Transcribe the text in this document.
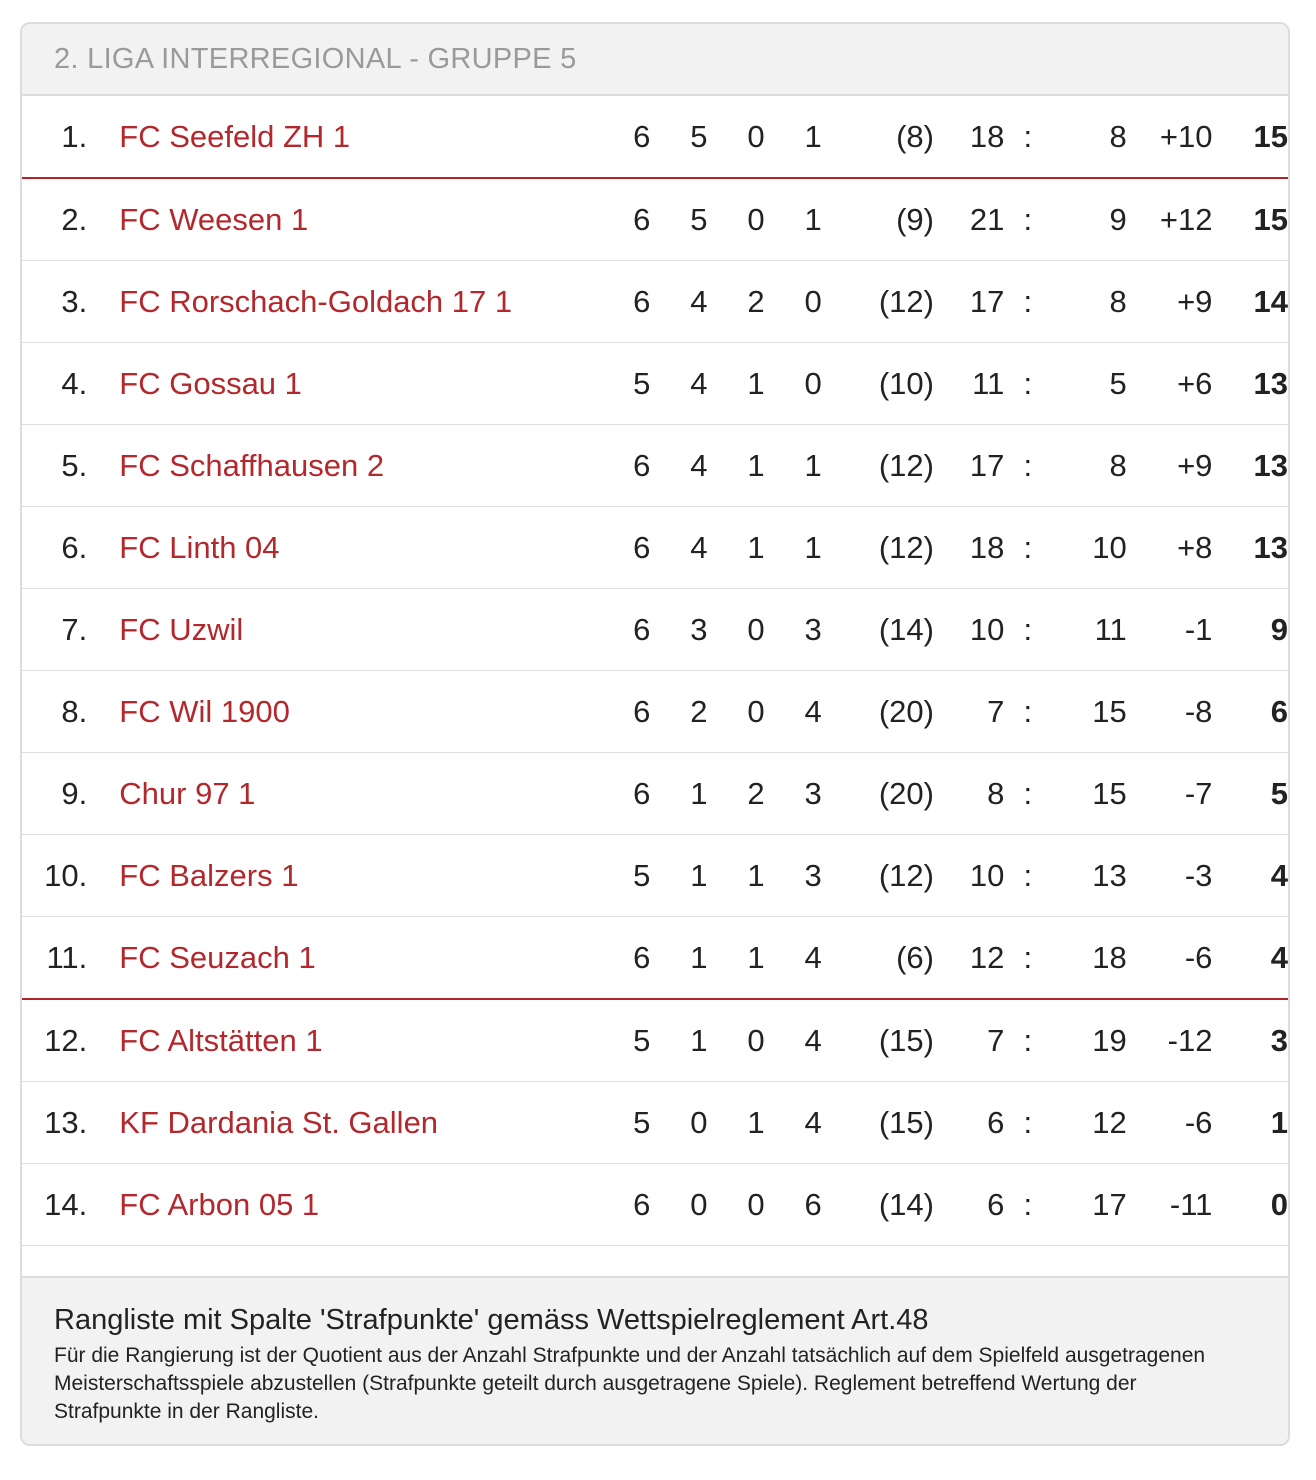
2. LIGA INTERREGIONAL - GRUPPE 5
1.	FC Seefeld ZH 1	6	5	0	1	(8)	18	:	8	+10	15
2.	FC Weesen 1	6	5	0	1	(9)	21	:	9	+12	15
3.	FC Rorschach-Goldach 17 1	6	4	2	0	(12)	17	:	8	+9	14
4.	FC Gossau 1	5	4	1	0	(10)	11	:	5	+6	13
5.	FC Schaffhausen 2	6	4	1	1	(12)	17	:	8	+9	13
6.	FC Linth 04	6	4	1	1	(12)	18	:	10	+8	13
7.	FC Uzwil	6	3	0	3	(14)	10	:	11	-1	9
8.	FC Wil 1900	6	2	0	4	(20)	7	:	15	-8	6
9.	Chur 97 1	6	1	2	3	(20)	8	:	15	-7	5
10.	FC Balzers 1	5	1	1	3	(12)	10	:	13	-3	4
11.	FC Seuzach 1	6	1	1	4	(6)	12	:	18	-6	4
12.	FC Altstätten 1	5	1	0	4	(15)	7	:	19	-12	3
13.	KF Dardania St. Gallen	5	0	1	4	(15)	6	:	12	-6	1
14.	FC Arbon 05 1	6	0	0	6	(14)	6	:	17	-11	0
Rangliste mit Spalte 'Strafpunkte' gemäss Wettspielreglement Art.48
Für die Rangierung ist der Quotient aus der Anzahl Strafpunkte und der Anzahl tatsächlich auf dem Spielfeld ausgetragenen Meisterschaftsspiele abzustellen (Strafpunkte geteilt durch ausgetragene Spiele). Reglement betreffend Wertung der Strafpunkte in der Rangliste.
